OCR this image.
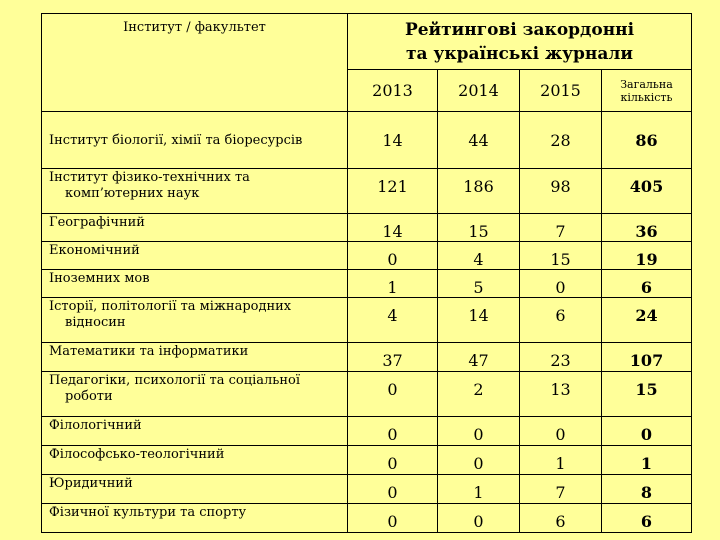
Інститут / факультет	Рейтингові закордонні
та українські журнали			

	2013	2014	2015	Загальна
кількість

Інститут біології, хімії та біоресурсів	14	44	28	86
Інститут фізико-технічних та
комп’ютерних наук	121	186	98	405
Географічний	14	15	7	36
Економічний	0	4	15	19
Іноземних мов	1	5	0	6
Історії, політології та міжнародних
відносин	4	14	6	24
Математики та інформатики	37	47	23	107
Педагогіки, психології та соціальної
роботи	0	2	13	15
Філологічний	0	0	0	0
Філософсько-теологічний	0	0	1	1
Юридичний	0	1	7	8
Фізичної культури та спорту	0	0	6	6
